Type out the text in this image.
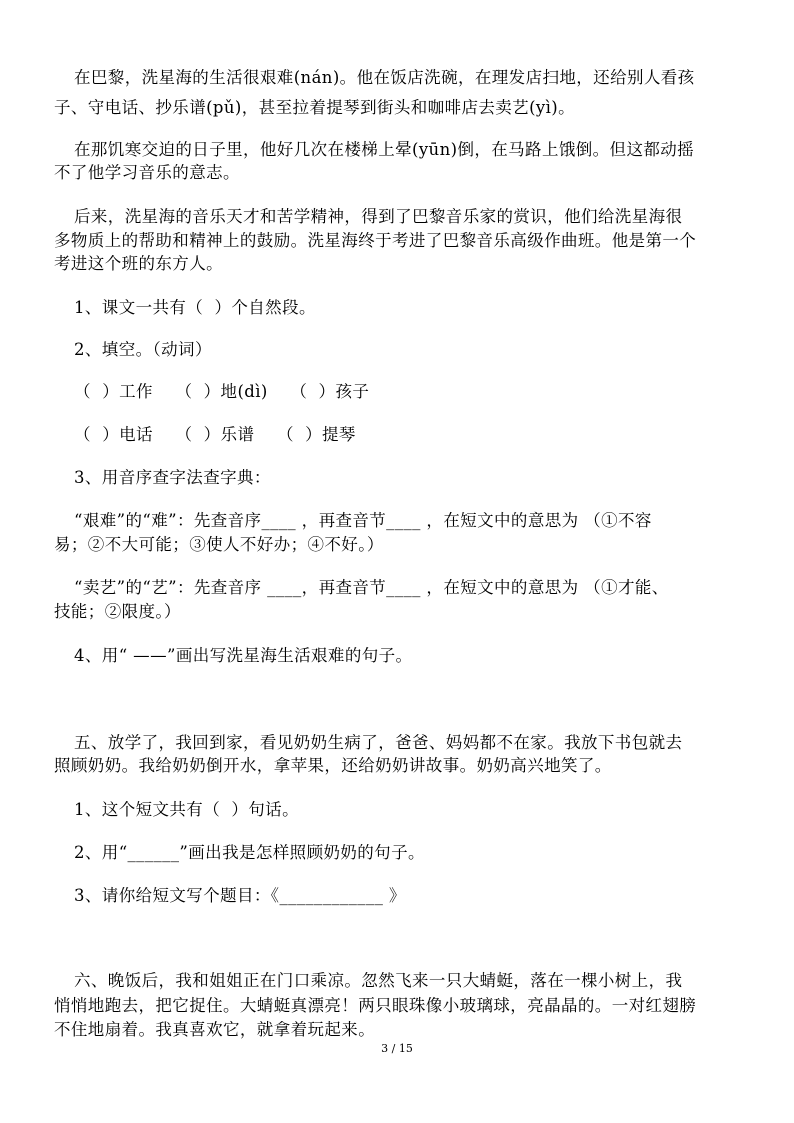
在巴黎，洗星海的生活很艰难(nán)。他在饭店洗碗，在理发店扫地，还给别人看孩
子、守电话、抄乐谱(pǔ)，甚至拉着提琴到街头和咖啡店去卖艺(yì)。
在那饥寒交迫的日子里，他好几次在楼梯上晕(yūn)倒，在马路上饿倒。但这都动摇
不了他学习音乐的意志。
后来，洗星海的音乐天才和苦学精神，得到了巴黎音乐家的赏识，他们给洗星海很
多物质上的帮助和精神上的鼓励。洗星海终于考进了巴黎音乐高级作曲班。他是第一个
考进这个班的东方人。
1、课文一共有（  ）个自然段。
2、填空。（动词）
（  ）工作    （  ）地(dì)    （  ）孩子
（  ）电话    （  ）乐谱    （  ）提琴
3、用音序查字法查字典：
“艰难”的“难”：先查音序____ ，再查音节____ ，在短文中的意思为 （①不容
易；②不大可能；③使人不好办；④不好。）
“卖艺”的“艺”：先查音序 ____，再查音节____ ，在短文中的意思为 （①才能、
技能；②限度。）
4、用“ ——”画出写洗星海生活艰难的句子。
五、放学了，我回到家，看见奶奶生病了，爸爸、妈妈都不在家。我放下书包就去
照顾奶奶。我给奶奶倒开水，拿苹果，还给奶奶讲故事。奶奶高兴地笑了。
1、这个短文共有（  ）句话。
2、用“______”画出我是怎样照顾奶奶的句子。
3、请你给短文写个题目：《____________ 》
六、晚饭后，我和姐姐正在门口乘凉。忽然飞来一只大蜻蜓，落在一棵小树上，我
悄悄地跑去，把它捉住。大蜻蜓真漂亮！两只眼珠像小玻璃球，亮晶晶的。一对红翅膀
不住地扇着。我真喜欢它，就拿着玩起来。
3 / 15
